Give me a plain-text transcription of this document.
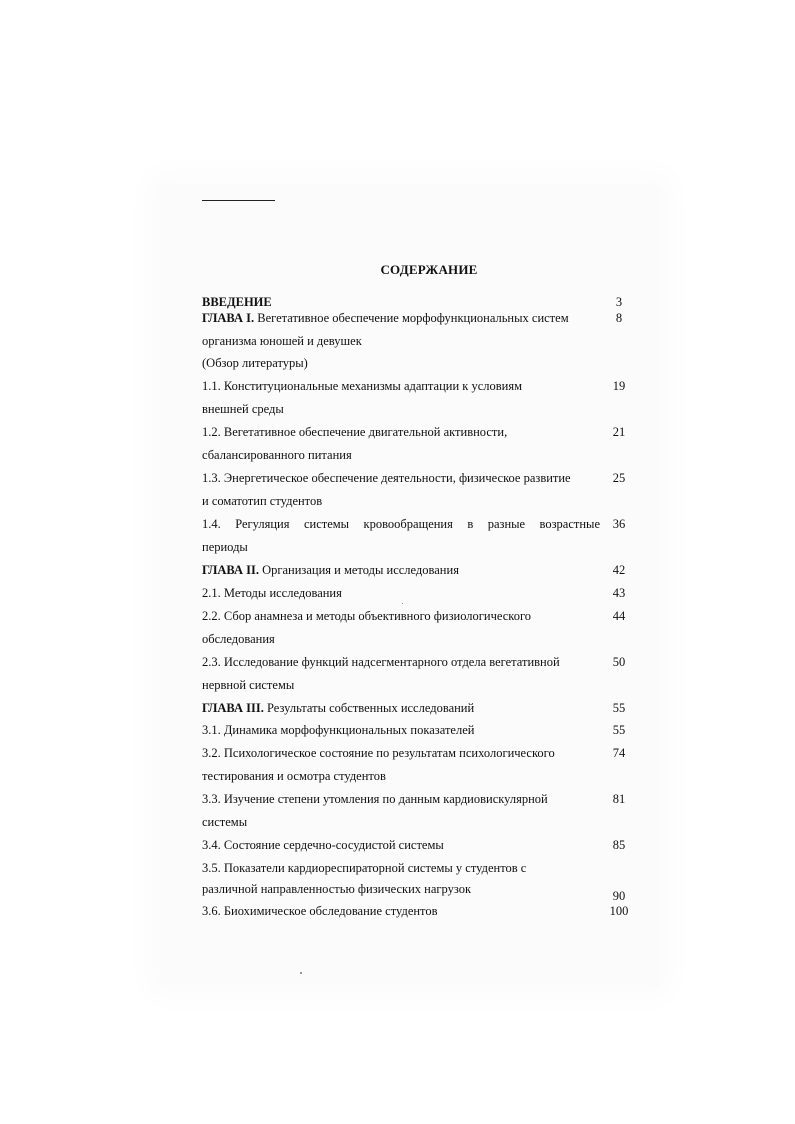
СОДЕРЖАНИЕ
ВВЕДЕНИЕ	3
ГЛАВА I. Вегетативное обеспечение морфофункциональных систем	8
организма юношей и девушек
(Обзор литературы)
1.1. Конституциональные механизмы адаптации к условиям	19
внешней среды
1.2. Вегетативное обеспечение двигательной активности,	21
сбалансированного питания
1.3. Энергетическое обеспечение деятельности, физическое развитие	25
и соматотип студентов
1.4. Регуляция системы кровообращения в разные возрастные	36
периоды
ГЛАВА II. Организация и методы исследования	42
2.1. Методы исследования	43
2.2. Сбор анамнеза и методы объективного физиологического	44
обследования
2.3. Исследование функций надсегментарного отдела вегетативной	50
нервной системы
ГЛАВА III. Результаты собственных исследований	55
3.1. Динамика морфофункциональных показателей	55
3.2. Психологическое состояние по результатам психологического	74
тестирования и осмотра студентов
3.3. Изучение степени утомления по данным кардиовискулярной	81
системы
3.4. Состояние сердечно-сосудистой системы	85
3.5. Показатели кардиореспираторной системы у студентов с
различной направленностью физических нагрузок	90
3.6. Биохимическое обследование студентов	100
